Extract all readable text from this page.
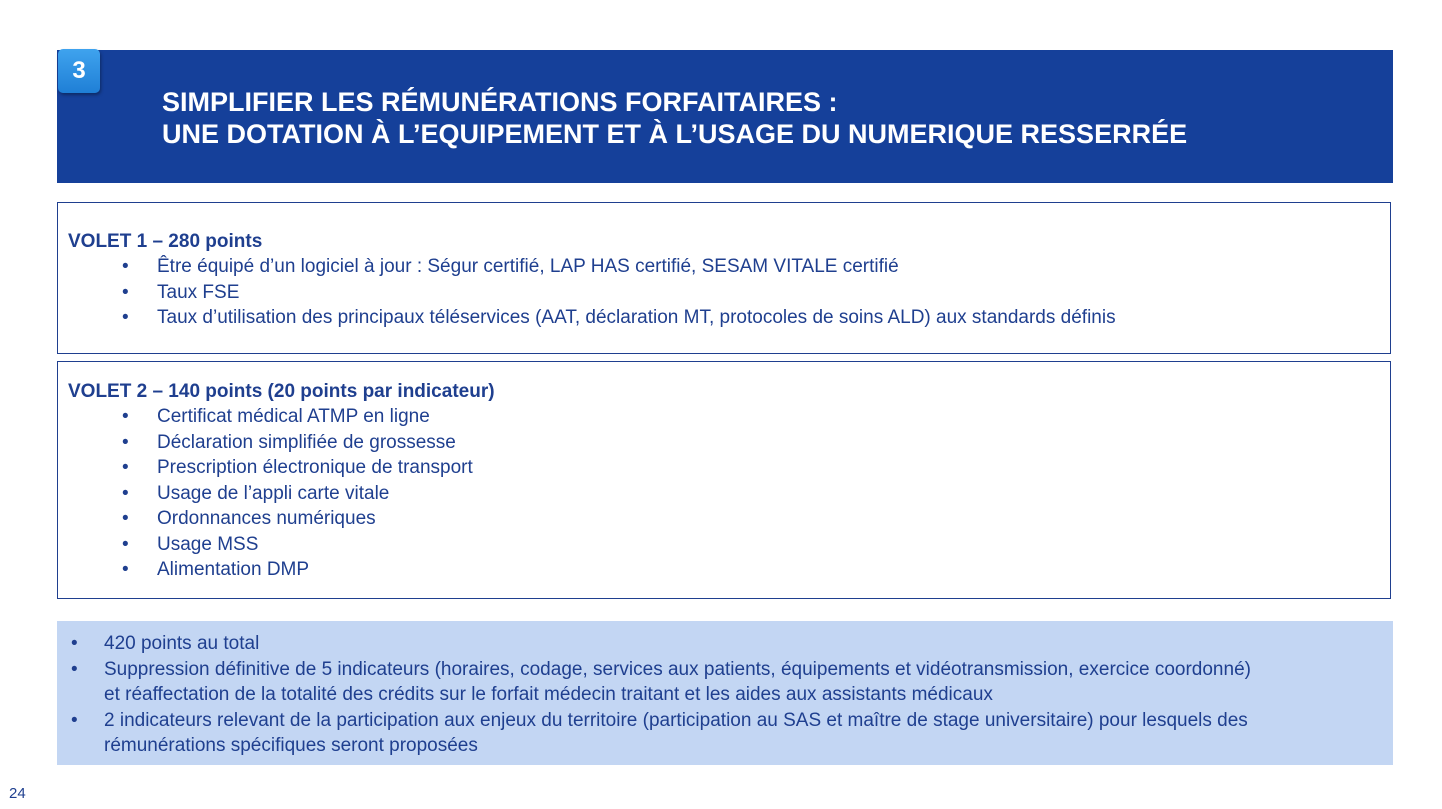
3
SIMPLIFIER LES RÉMUNÉRATIONS FORFAITAIRES :
UNE DOTATION À L’EQUIPEMENT ET À L’USAGE DU NUMERIQUE RESSERRÉE
VOLET 1 – 280 points
• Être équipé d’un logiciel à jour : Ségur certifié, LAP HAS certifié, SESAM VITALE certifié
• Taux FSE
• Taux d’utilisation des principaux téléservices (AAT, déclaration MT, protocoles de soins ALD) aux standards définis
VOLET 2 – 140 points (20 points par indicateur)
• Certificat médical ATMP en ligne
• Déclaration simplifiée de grossesse
• Prescription électronique de transport
• Usage de l’appli carte vitale
• Ordonnances numériques
• Usage MSS
• Alimentation DMP
• 420 points au total
• Suppression définitive de 5 indicateurs (horaires, codage, services aux patients, équipements et vidéotransmission, exercice coordonné)
et réaffectation de la totalité des crédits sur le forfait médecin traitant et les aides aux assistants médicaux
• 2 indicateurs relevant de la participation aux enjeux du territoire (participation au SAS et maître de stage universitaire) pour lesquels des
rémunérations spécifiques seront proposées
24
